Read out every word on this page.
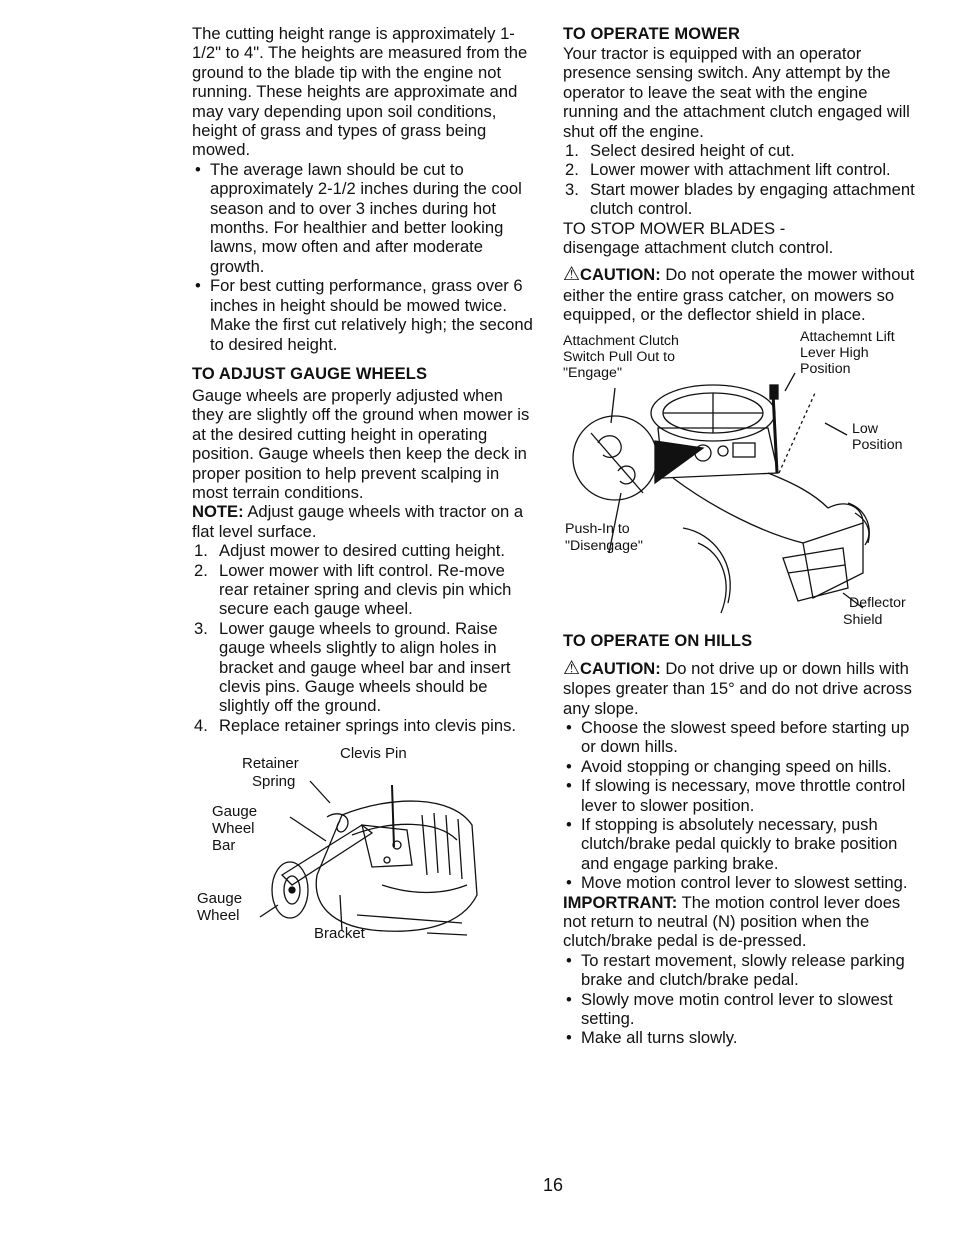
The cutting height range is approximately 1-1/2" to 4". The heights are measured from the ground to the blade tip with the engine not running. These heights are approximate and may vary depending upon soil conditions, height of grass and types of grass being mowed.

• The average lawn should be cut to approximately 2-1/2 inches during the cool season and to over 3 inches during hot months. For healthier and better looking lawns, mow often and after moderate growth.
• For best cutting performance, grass over 6 inches in height should be mowed twice. Make the first cut relatively high; the second to desired height.
TO ADJUST GAUGE WHEELS

Gauge wheels are properly adjusted when they are slightly off the ground when mower is at the desired cutting height in operating position. Gauge wheels then keep the deck in proper position to help prevent scalping in most terrain conditions.

NOTE: Adjust gauge wheels with tractor on a flat level surface.

1. Adjust mower to desired cutting height.
2. Lower mower with lift control. Re-move rear retainer spring and clevis pin which secure each gauge wheel.
3. Lower gauge wheels to ground. Raise gauge wheels slightly to align holes in bracket and gauge wheel bar and insert clevis pins. Gauge wheels should be slightly off the ground.
4. Replace retainer springs into clevis pins.
Retainer
Spring
Clevis Pin
Gauge
Wheel
Bar
Gauge
Wheel
Bracket
TO OPERATE MOWER

Your tractor is equipped with an operator presence sensing switch. Any attempt by the operator to leave the seat with the engine running and the attachment clutch engaged will shut off the engine.

1. Select desired height of cut.
2. Lower mower with attachment lift control.
3. Start mower blades by engaging attachment clutch control.

TO STOP MOWER BLADES -

disengage attachment clutch control.

⚠CAUTION: Do not operate the mower without either the entire grass catcher, on mowers so equipped, or the deflector shield in place.

Attachment Clutch
Switch Pull Out to
"Engage"
Attachemnt Lift
Lever High
Position
Low
Position
Push-In to
"Disengage"
Deflector
Shield
TO OPERATE ON HILLS

⚠CAUTION: Do not drive up or down hills with slopes greater than 15° and do not drive across any slope.

• Choose the slowest speed before starting up or down hills.
• Avoid stopping or changing speed on hills.
• If slowing is necessary, move throttle control lever to slower position.
• If stopping is absolutely necessary, push clutch/brake pedal quickly to brake position and engage parking brake.
• Move motion control lever to slowest setting.

IMPORTRANT: The motion control lever does not return to neutral (N) position when the clutch/brake pedal is de-pressed.

• To restart movement, slowly release parking brake and clutch/brake pedal.
• Slowly move motin control lever to slowest setting.
• Make all turns slowly.
16
